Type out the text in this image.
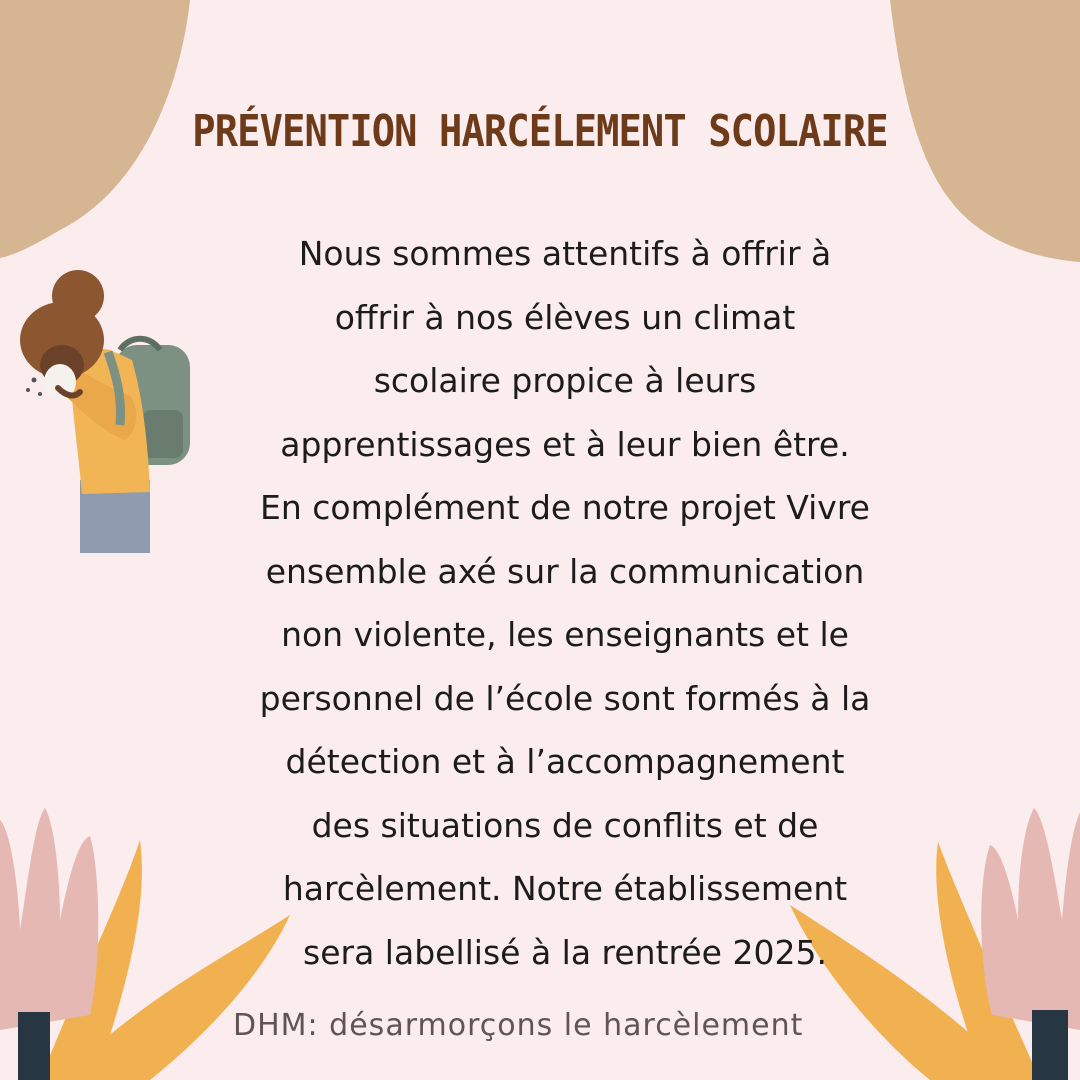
PRÉVENTION HARCÉLEMENT SCOLAIRE
Nous sommes attentifs à offrir à
offrir à nos élèves un climat
scolaire propice à leurs
apprentissages et à leur bien être.
En complément de notre projet Vivre
ensemble axé sur la communication
non violente, les enseignants et le
personnel de l’école sont formés à la
détection et à l’accompagnement
des situations de conflits et de
harcèlement. Notre établissement
sera labellisé à la rentrée 2025.
DHM: désarmorçons le harcèlement
